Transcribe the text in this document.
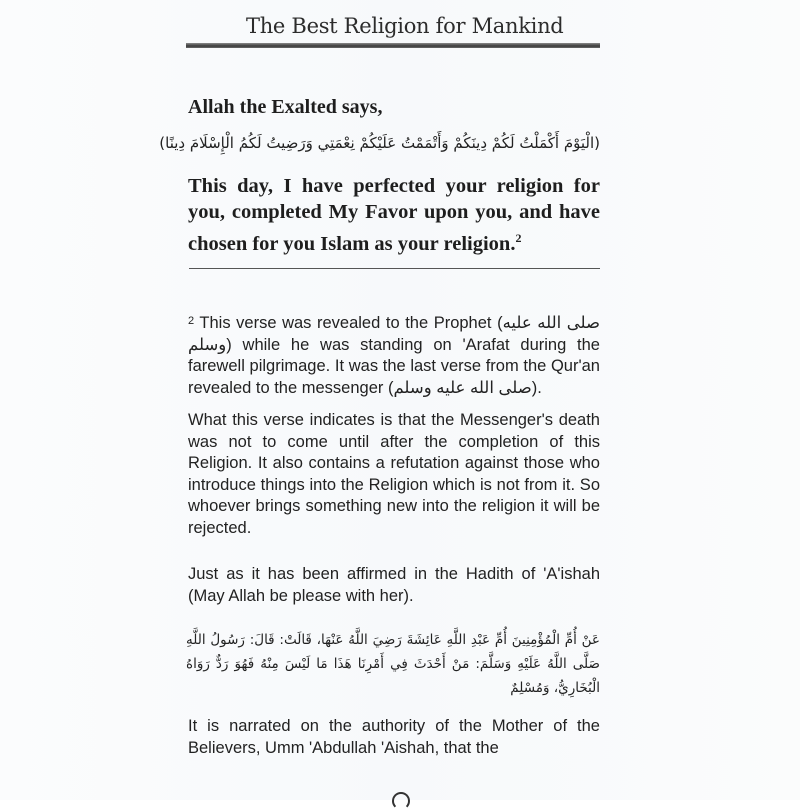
The Best Religion for Mankind
Allah the Exalted says,
(الْيَوْمَ أَكْمَلْتُ لَكُمْ دِينَكُمْ وَأَتْمَمْتُ عَلَيْكُمْ نِعْمَتِي وَرَضِيتُ لَكُمُ الْإِسْلَامَ دِينًا)
This day, I have perfected your religion for you, completed My Favor upon you, and have chosen for you Islam as your religion.$^2$
$^2$ This verse was revealed to the Prophet (صلى الله عليه وسلم) while he was standing on 'Arafat during the farewell pilgrimage. It was the last verse from the Qur'an revealed to the messenger (صلى الله عليه وسلم).
What this verse indicates is that the Messenger's death was not to come until after the completion of this Religion. It also contains a refutation against those who introduce things into the Religion which is not from it. So whoever brings something new into the religion it will be rejected.
Just as it has been affirmed in the Hadith of 'A'ishah (May Allah be please with her).
عَنْ أُمِّ الْمُؤْمِنِينَ أُمِّ عَبْدِ اللَّهِ عَائِشَةَ رَضِيَ اللَّهُ عَنْهَا، قَالَتْ: قَالَ: رَسُولُ اللَّهِ صَلَّى اللَّهُ عَلَيْهِ وَسَلَّمَ: مَنْ أَحْدَثَ فِي أَمْرِنَا هَذَا مَا لَيْسَ مِنْهُ فَهُوَ رَدٌّ رَوَاهُ الْبُخَارِيُّ، وَمُسْلِمٌ
It is narrated on the authority of the Mother of the Believers, Umm 'Abdullah 'Aishah, that the
